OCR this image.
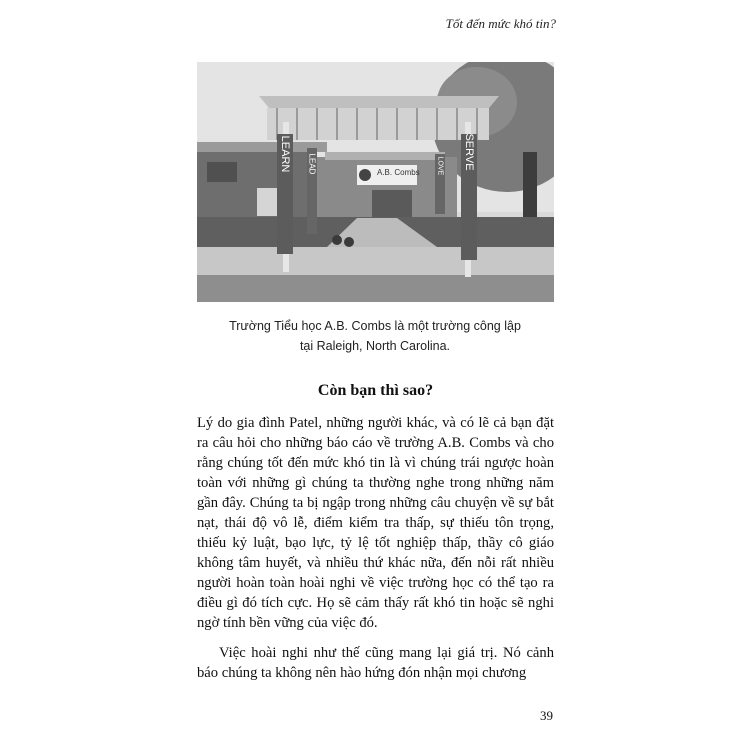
Tốt đến mức khó tin?
A.B. Combs
LEARN LEAD	LOVE SERVE
Trường Tiểu học A.B. Combs là một trường công lập
tại Raleigh, North Carolina.
Còn bạn thì sao?

Lý do gia đình Patel, những người khác, và có lẽ cả bạn đặt ra câu hỏi cho những báo cáo về trường A.B. Combs và cho rằng chúng tốt đến mức khó tin là vì chúng trái ngược hoàn toàn với những gì chúng ta thường nghe trong những năm gần đây. Chúng ta bị ngập trong những câu chuyện về sự bắt nạt, thái độ vô lễ, điểm kiểm tra thấp, sự thiếu tôn trọng, thiếu kỷ luật, bạo lực, tỷ lệ tốt nghiệp thấp, thầy cô giáo không tâm huyết, và nhiều thứ khác nữa, đến nỗi rất nhiều người hoàn toàn hoài nghi về việc trường học có thể tạo ra điều gì đó tích cực. Họ sẽ cảm thấy rất khó tin hoặc sẽ nghi ngờ tính bền vững của việc đó.

Việc hoài nghi như thế cũng mang lại giá trị. Nó cảnh báo chúng ta không nên hào hứng đón nhận mọi chương

39
